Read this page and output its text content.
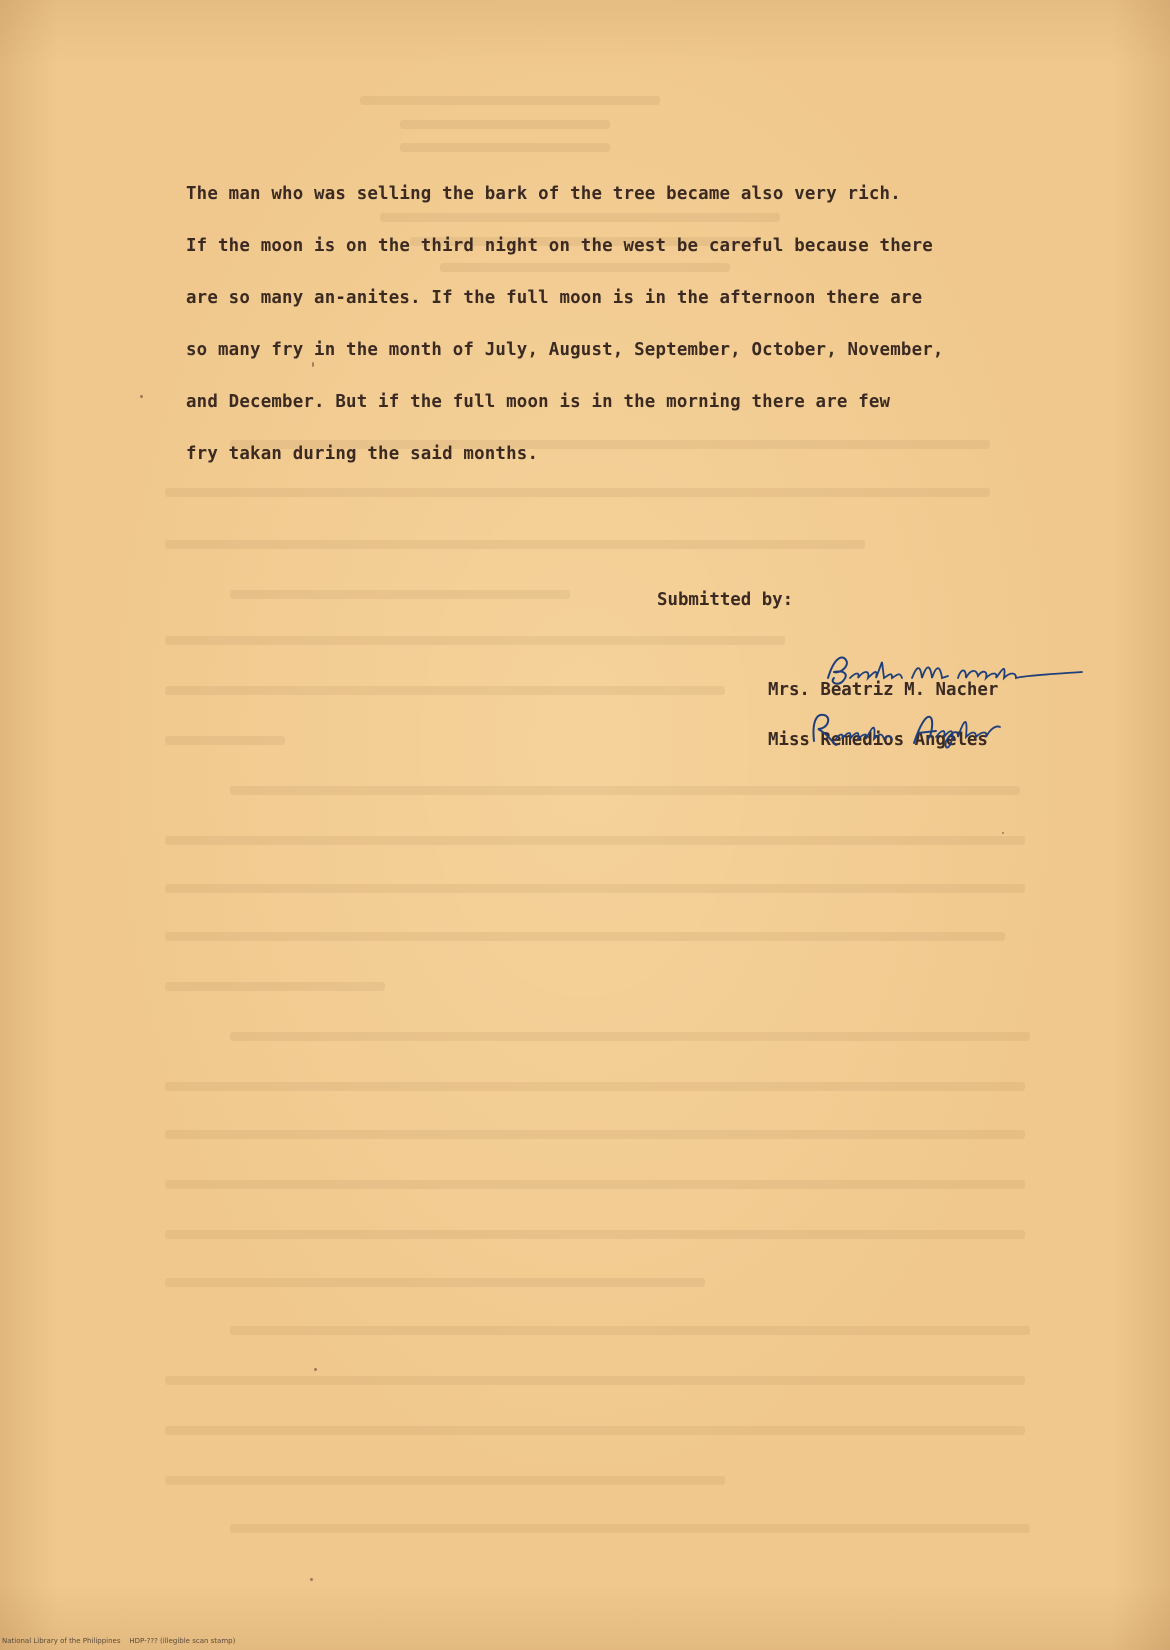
The man who was selling the bark of the tree became also very rich.
If the moon is on the third night on the west be careful because there
are so many an-anites. If the full moon is in the afternoon there are
so many fry in the month of July, August, September, October, November,
and December. But if the full moon is in the morning there are few
fry takan during the said months.
Submitted by:
Mrs. Beatriz M. Nacher
Miss Remedios Angeles
Beatriz M. Nacher
Remedios Angeles
National Library of the Philippines    HDP-??? (illegible scan stamp)
